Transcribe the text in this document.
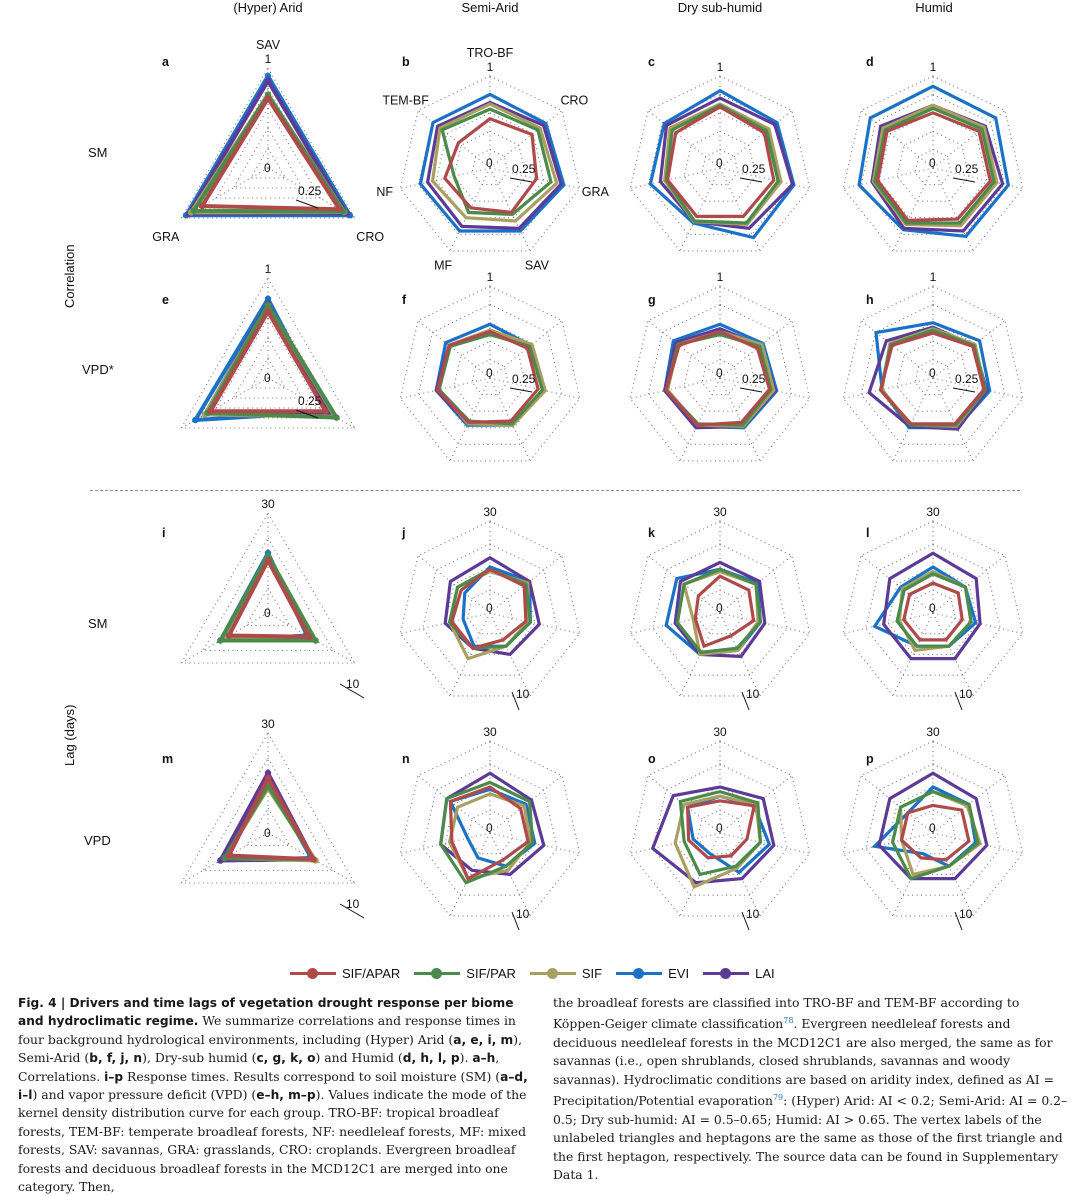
(Hyper) Arid	Semi-Arid	Dry sub-humid	Humid
Correlation
Lag (days)
SM
VPD*
SM
VPD
0
1
0.25
SAV
CRO
GRA
a
0
1
0.25
TRO-BF
CRO
GRA
SAV
MF
NF
TEM-BF
b
0
1
0.25
c
0
1
0.25
d
0
1
0.25
e
0
1
0.25
f
0
1
0.25
g
0
1
0.25
h
0
30
10
i
0
30
10
j
0
30
10
k
0
30
10
l
0
30
10
m
0
30
10
n
0
30
10
o
0
30
10
p
SIF/APAR	SIF/PAR	SIF	EVI	LAI
Fig. 4 | Drivers and time lags of vegetation drought response per biome and hydroclimatic regime. We summarize correlations and response times in four background hydrological environments, including (Hyper) Arid (a, e, i, m), Semi-Arid (b, f, j, n), Dry-sub humid (c, g, k, o) and Humid (d, h, l, p). a–h, Correlations. i–p Response times. Results correspond to soil moisture (SM) (a–d, i–l) and vapor pressure deficit (VPD) (e–h, m–p). Values indicate the mode of the kernel density distribution curve for each group. TRO-BF: tropical broadleaf forests, TEM-BF: temperate broadleaf forests, NF: needleleaf forests, MF: mixed forests, SAV: savannas, GRA: grasslands, CRO: croplands. Evergreen broadleaf forests and deciduous broadleaf forests in the MCD12C1 are merged into one category. Then,
the broadleaf forests are classified into TRO-BF and TEM-BF according to Köppen-Geiger climate classification$^{78}$. Evergreen needleleaf forests and deciduous needleleaf forests in the MCD12C1 are also merged, the same as for savannas (i.e., open shrublands, closed shrublands, savannas and woody savannas). Hydroclimatic conditions are based on aridity index, defined as AI = Precipitation/Potential evaporation$^{79}$: (Hyper) Arid: AI < 0.2; Semi-Arid: AI = 0.2–0.5; Dry sub-humid: AI = 0.5–0.65; Humid: AI > 0.65. The vertex labels of the unlabeled triangles and heptagons are the same as those of the first triangle and the first heptagon, respectively. The source data can be found in Supplementary Data 1.
